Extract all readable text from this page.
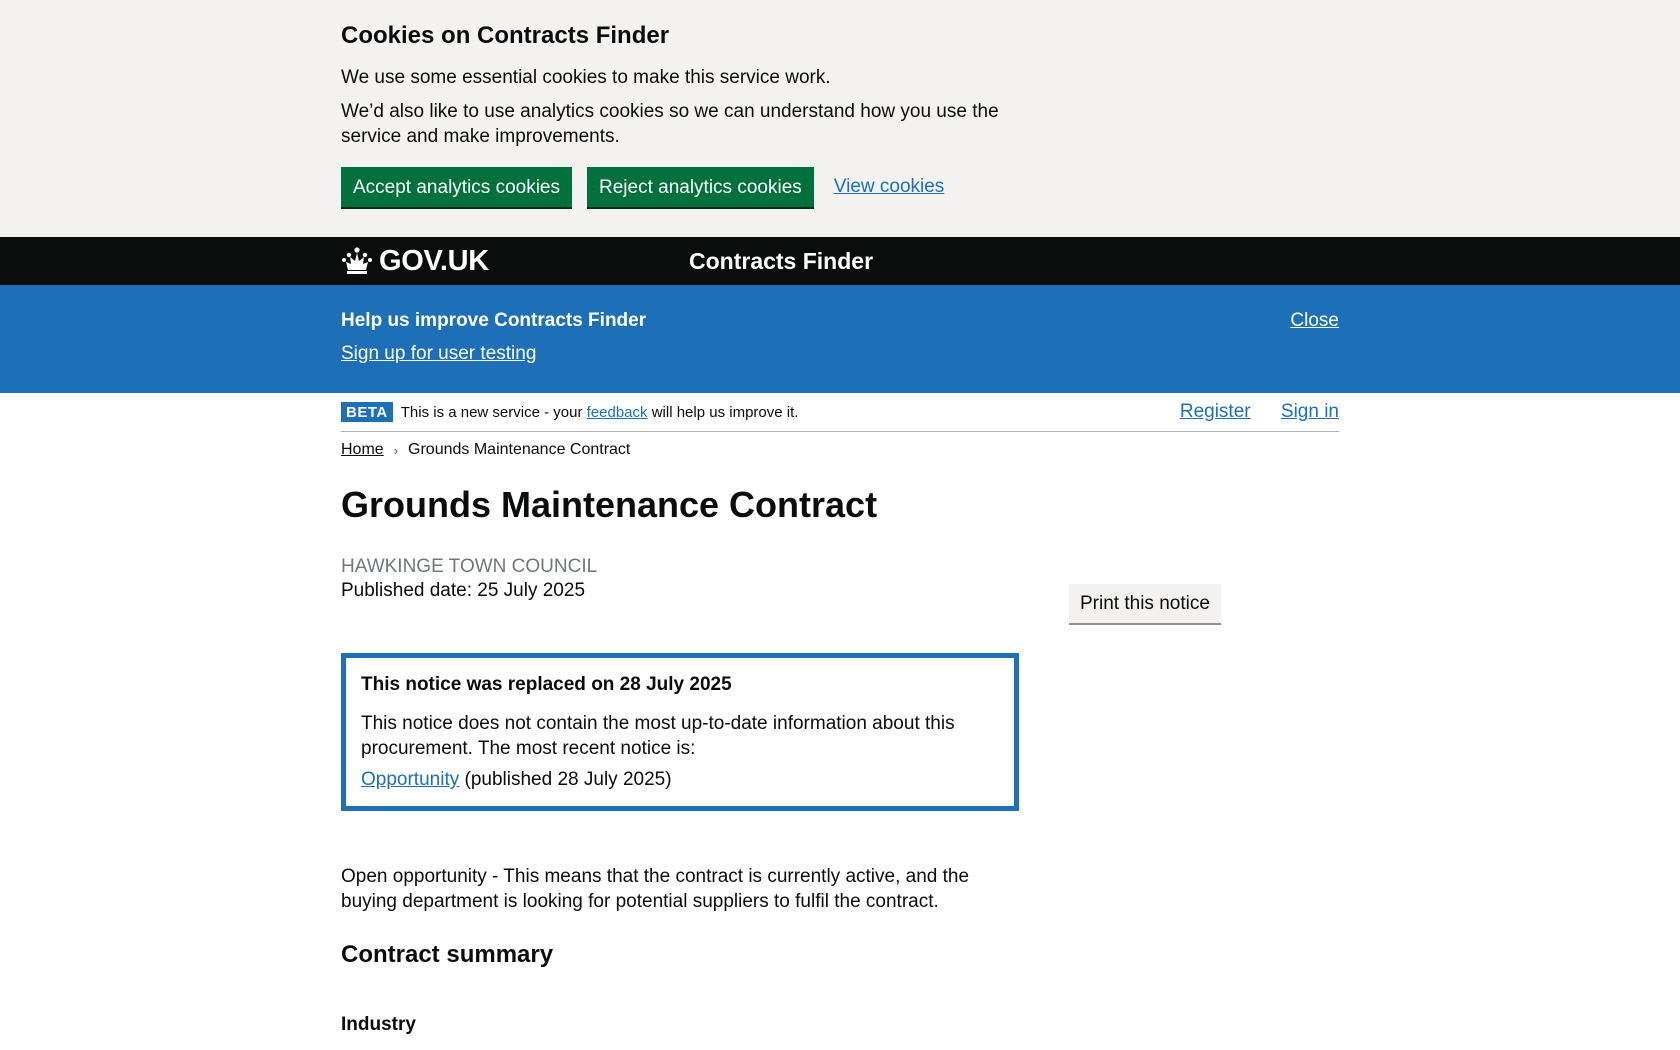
Cookies on Contracts Finder

We use some essential cookies to make this service work.

We’d also like to use analytics cookies so we can understand how you use the service and make improvements.

Accept analytics cookies	Reject analytics cookies	View cookies
GOV.UK	Contracts Finder
Help us improve Contracts Finder
Sign up for user testing
Close
BETA This is a new service - your feedback will help us improve it.	Register Sign in
Home › Grounds Maintenance Contract
Grounds Maintenance Contract
HAWKINGE TOWN COUNCIL
Published date: 25 July 2025
This notice was replaced on 28 July 2025

This notice does not contain the most up-to-date information about this procurement. The most recent notice is:

Opportunity (published 28 July 2025)

Open opportunity - This means that the contract is currently active, and the buying department is looking for potential suppliers to fulfil the contract.

Contract summary
Industry
Print this notice
